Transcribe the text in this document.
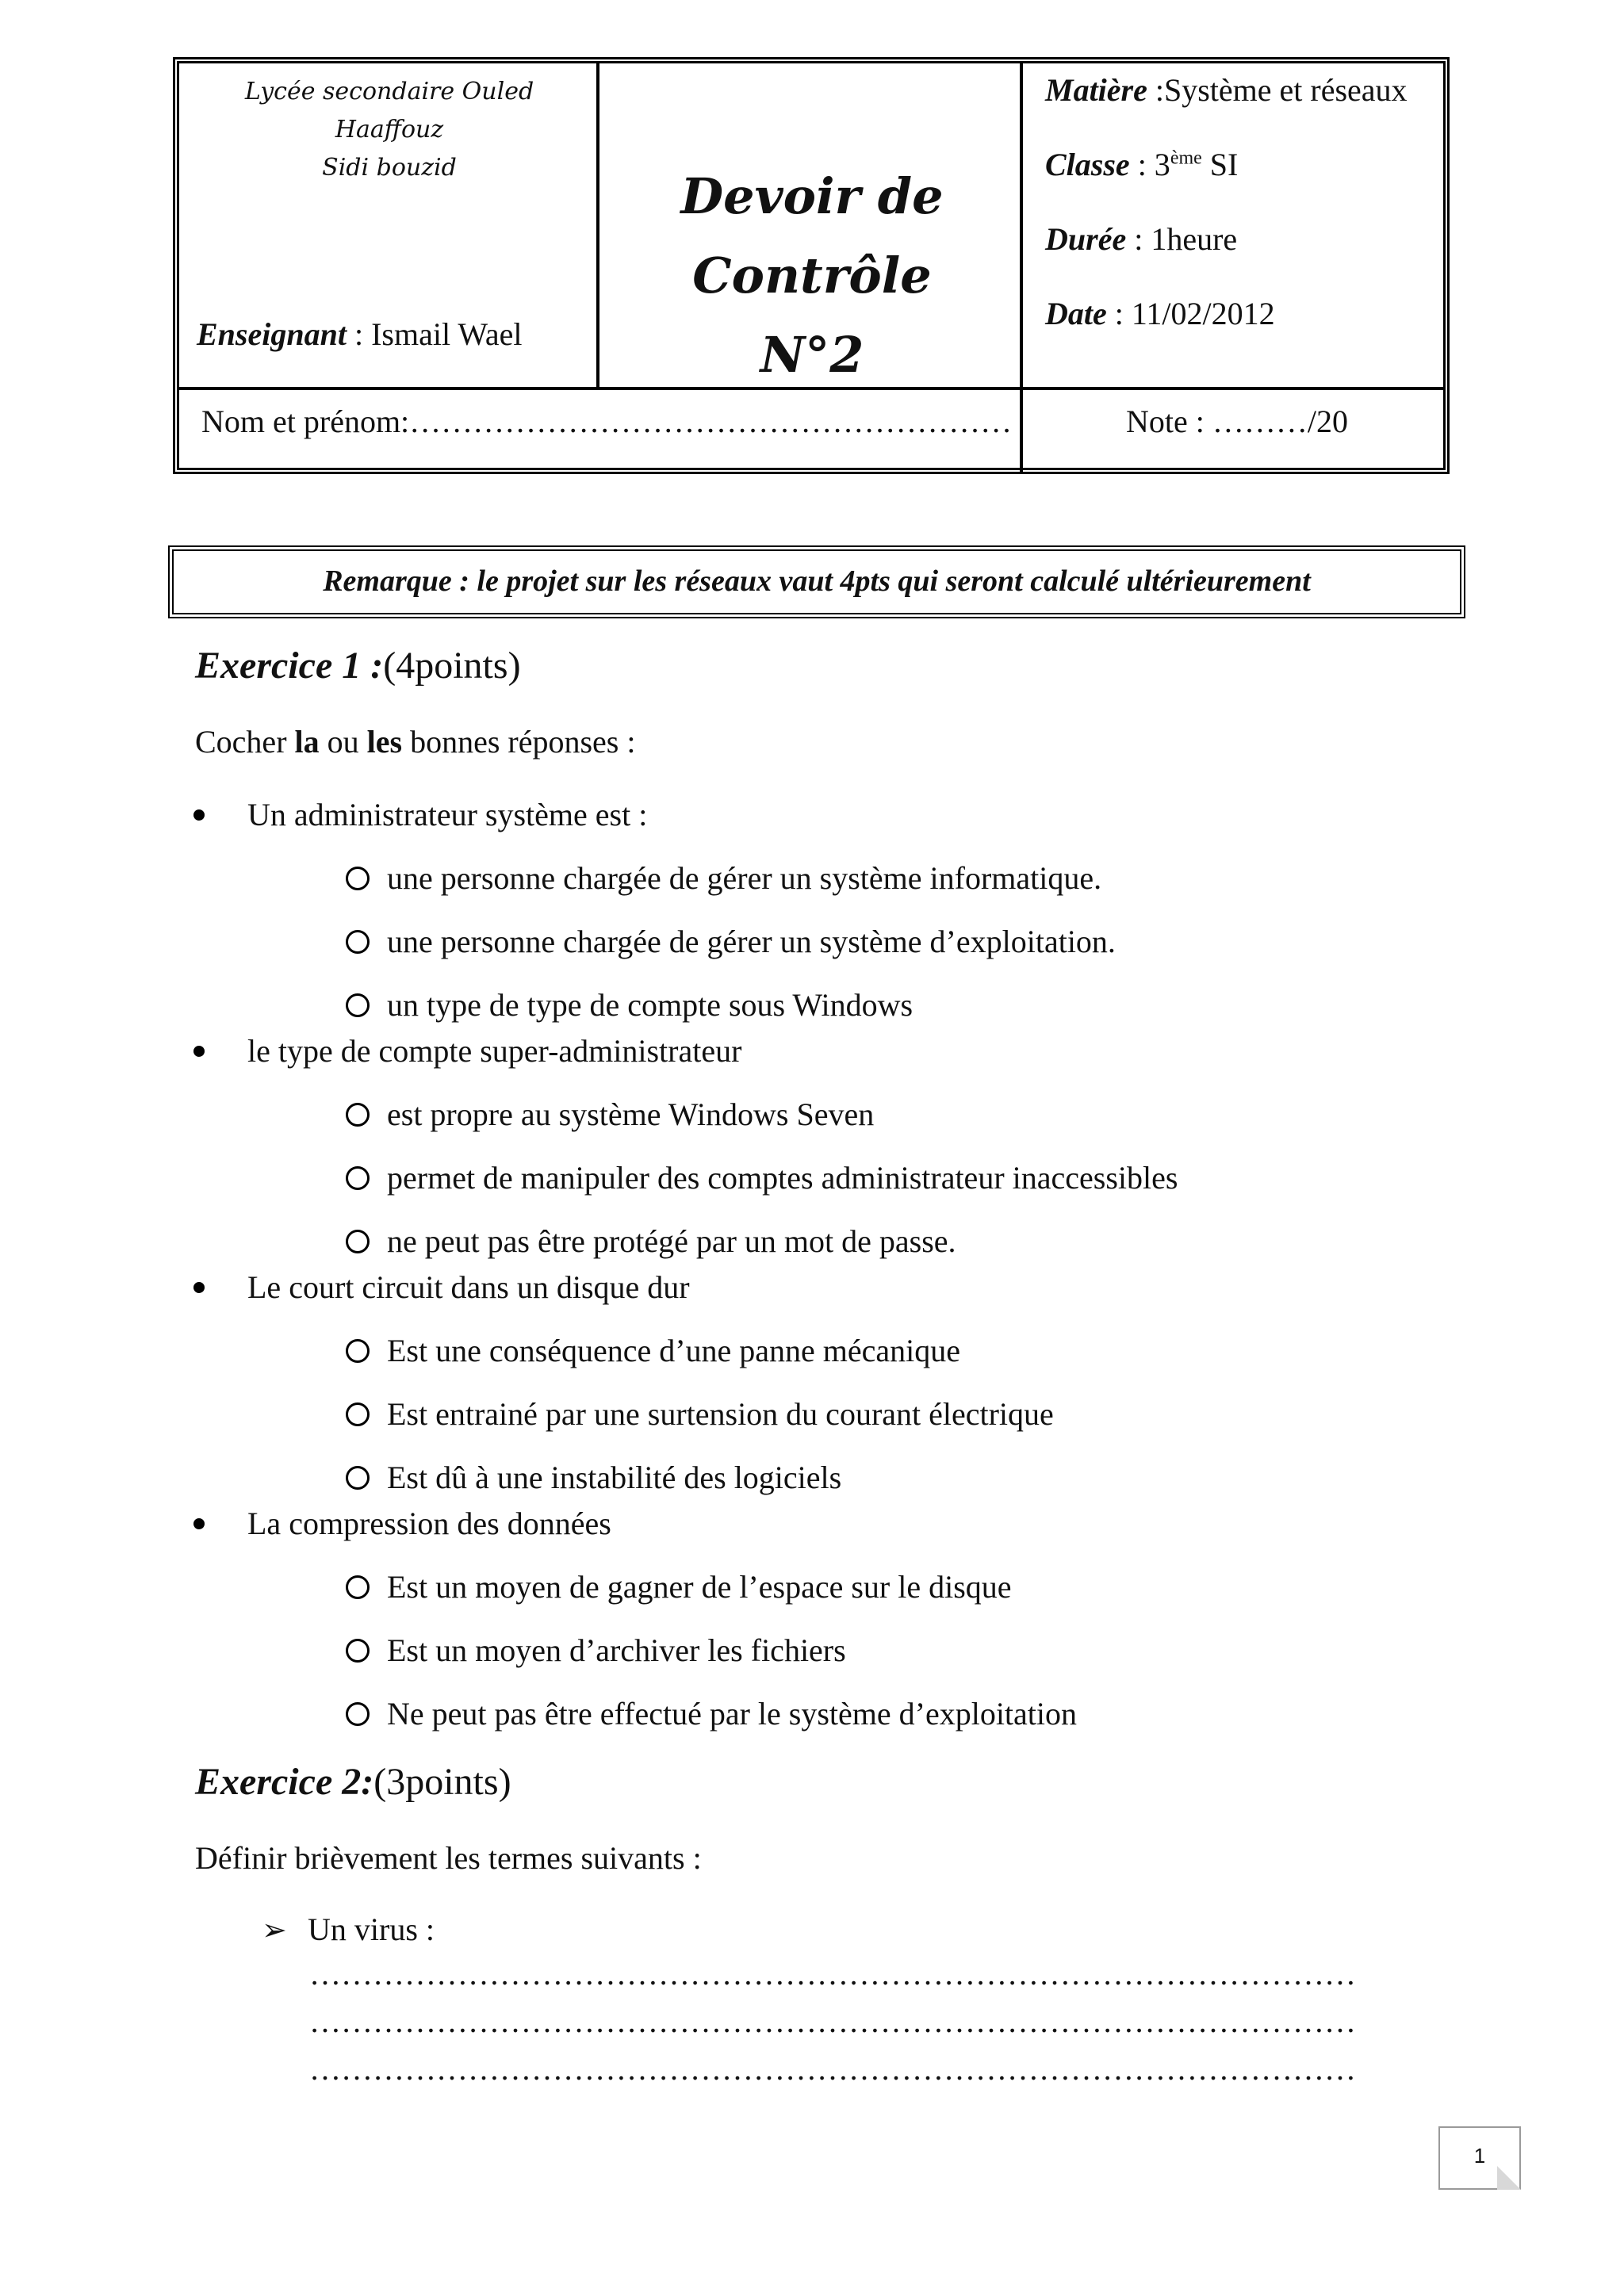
Lycée secondaire Ouled
Haaffouz
Sidi bouzid
Enseignant : Ismail Wael
Devoir de Contrôle
N°2
Matière :Système et réseaux
Classe : 3ème SI
Durée : 1heure
Date : 11/02/2012
Nom et prénom:…………………………………………………	Note : ………/20
Remarque : le projet sur les réseaux vaut 4pts qui seront calculé ultérieurement
Exercice 1 :(4points)
Cocher la ou les bonnes réponses :
Un administrateur système est :
une personne chargée de gérer un système informatique.
une personne chargée de gérer un système d’exploitation.
un type de type de compte sous Windows
le type de compte super-administrateur
est propre au système Windows Seven
permet de manipuler des comptes administrateur inaccessibles
ne peut pas être protégé par un mot de passe.
Le court circuit dans un disque dur
Est une conséquence d’une panne mécanique
Est entrainé par une surtension du courant électrique
Est dû à une instabilité des logiciels
La compression des données
Est un moyen de gagner de l’espace sur le disque
Est un moyen d’archiver les fichiers
Ne peut pas être effectué par le système d’exploitation
Exercice 2:(3points)
Définir brièvement les termes suivants :
➢ Un virus :
………………………………………………………………………………………
………………………………………………………………………………………
………………………………………………………………………………………
1
